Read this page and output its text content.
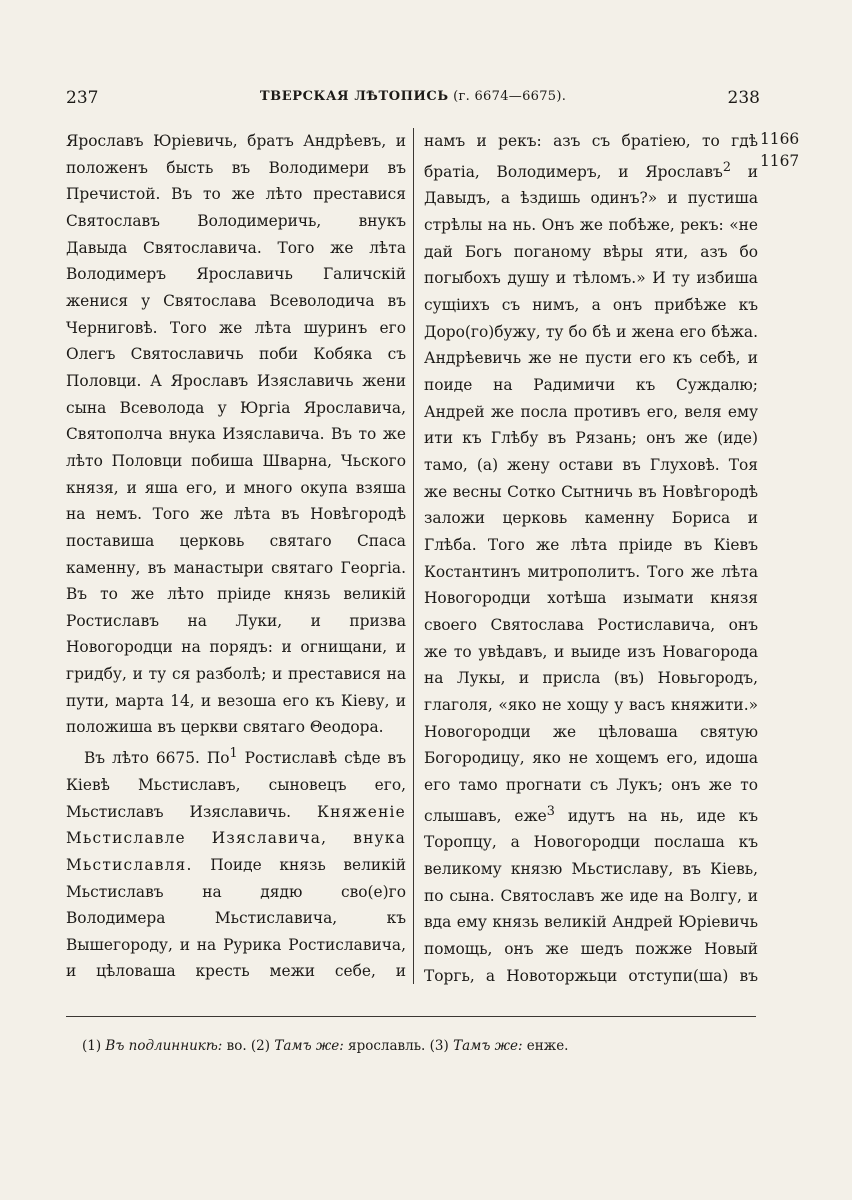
237	ТВЕРСКАЯ ЛѢТОПИСЬ (г. 6674—6675).	238

Ярославъ Юрiевичь, братъ Андрѣевъ, и положенъ бысть въ Володимери въ Пречистой. Въ то же лѣто преставися Святославъ Володимеричь, внукъ Давыда Святославича. Того же лѣта Володимеръ Ярославичь Галичскiй женися у Святослава Всеволодича въ Черниговѣ. Того же лѣта шуринъ его Олегъ Святославичь поби Кобяка съ Половци. А Ярославъ Изяславичь жени сына Всеволода у Юргiа Ярославича, Святополча внука Изяславича. Въ то же лѣто Половци побиша Шварна, Чьского князя, и яша его, и много окупа взяша на немъ. Того же лѣта въ Новѣгородѣ поставиша церковь святаго Спаса каменну, въ манастыри святаго Георгiа. Въ то же лѣто прiиде князь великiй Ростиславъ на Луки, и призва Новогородци на порядъ: и огнищани, и гридбу, и ту ся разболѣ; и преставися на пути, марта 14, и везоша его къ Кiеву, и положиша въ церкви святаго Θеодора.

Въ лѣто 6675. $По^1$ Ростиславѣ сѣде въ Кiевѣ Мьстиславъ, сыновецъ его, Мьстиславъ Изяславичь. Княженiе Мьстиславле Изяславича, внука Мьстиславля. Поиде князь великiй Мьстиславъ на дядю сво(е)го Володимера Мьстиславича, къ Вышегороду, и на Рурика Ростиславича, и цѣловаша кресть межи себе, и

намъ и рекъ: азъ съ братiею, то гдѣ братiа, Володимеръ, и Ярославъ$^2$ и Давыдъ, а ѣздишь одинъ?» и пустиша стрѣлы на нь. Онъ же побѣже, рекъ: «не дай Богь поганому вѣры яти, азъ бо погыбохъ душу и тѣломъ.» И ту избиша сущiихъ съ нимъ, а онъ прибѣже къ Доро(го)бужу, ту бо бѣ и жена его бѣжа. Андрѣевичь же не пусти его къ себѣ, и поиде на Радимичи къ Суждалю; Андрей же посла противъ его, веля ему ити къ Глѣбу въ Рязань; онъ же (иде) тамо, (а) жену остави въ Глуховѣ. Тоя же весны Сотко Сытничь въ Новѣгородѣ заложи церковь каменну Бориса и Глѣба. Того же лѣта прiиде въ Кiевъ Костантинъ митрополитъ. Того же лѣта Новогородци хотѣша изымати князя своего Святослава Ростиславича, онъ же то увѣдавъ, и выиде изъ Новагорода на Лукы, и присла (въ) Новьгородъ, глаголя, «яко не хощу у васъ княжити.» Новогородци же цѣловаша святую Богородицу, яко не хощемъ его, идоша его тамо прогнати съ Лукъ; онъ же то слышавъ, еже$^3$ идутъ на нь, иде къ Торопцу, а Новогородци послаша къ великому князю Мьстиславу, въ Кiевь, по сына. Святославъ же иде на Волгу, и вда ему князь великiй Андрей Юрiевичь помощь, онъ же шедъ пожже Новый Торгь, а Новоторжьци отступи(ша) въ

1166
1167
(1) Въ подлинникѣ: во. (2) Тамъ же: ярославль. (3) Тамъ же: енже.
